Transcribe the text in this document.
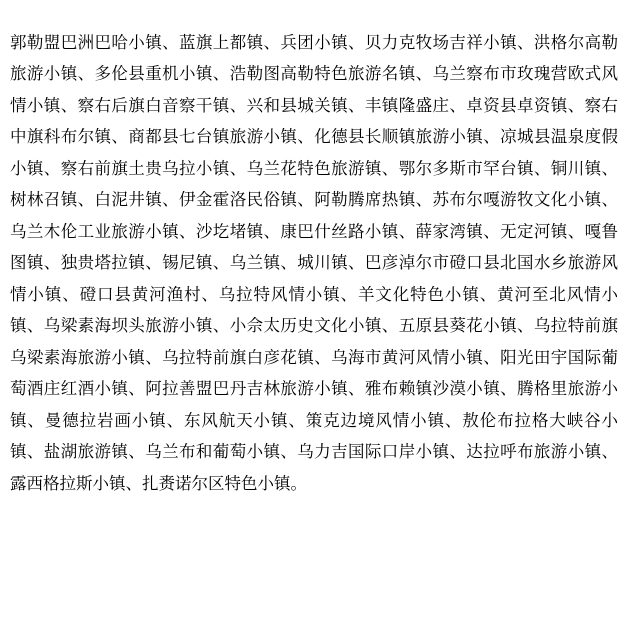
郭勒盟巴洲巴哈小镇、蓝旗上都镇、兵团小镇、贝力克牧场吉祥小镇、洪格尔高勒旅游小镇、多伦县重机小镇、浩勒图高勒特色旅游名镇、乌兰察布市玫瑰营欧式风情小镇、察右后旗白音察干镇、兴和县城关镇、丰镇隆盛庄、卓资县卓资镇、察右中旗科布尔镇、商都县七台镇旅游小镇、化德县长顺镇旅游小镇、凉城县温泉度假小镇、察右前旗土贵乌拉小镇、乌兰花特色旅游镇、鄂尔多斯市罕台镇、铜川镇、树林召镇、白泥井镇、伊金霍洛民俗镇、阿勒腾席热镇、苏布尔嘎游牧文化小镇、乌兰木伦工业旅游小镇、沙圪堵镇、康巴什丝路小镇、薛家湾镇、无定河镇、嘎鲁图镇、独贵塔拉镇、锡尼镇、乌兰镇、城川镇、巴彦淖尔市磴口县北国水乡旅游风情小镇、磴口县黄河渔村、乌拉特风情小镇、羊文化特色小镇、黄河至北风情小镇、乌梁素海坝头旅游小镇、小佘太历史文化小镇、五原县葵花小镇、乌拉特前旗乌梁素海旅游小镇、乌拉特前旗白彦花镇、乌海市黄河风情小镇、阳光田宇国际葡萄酒庄红酒小镇、阿拉善盟巴丹吉林旅游小镇、雅布赖镇沙漠小镇、腾格里旅游小镇、曼德拉岩画小镇、东风航天小镇、策克边境风情小镇、敖伦布拉格大峡谷小镇、盐湖旅游镇、乌兰布和葡萄小镇、乌力吉国际口岸小镇、达拉呼布旅游小镇、露西格拉斯小镇、扎赉诺尔区特色小镇。
